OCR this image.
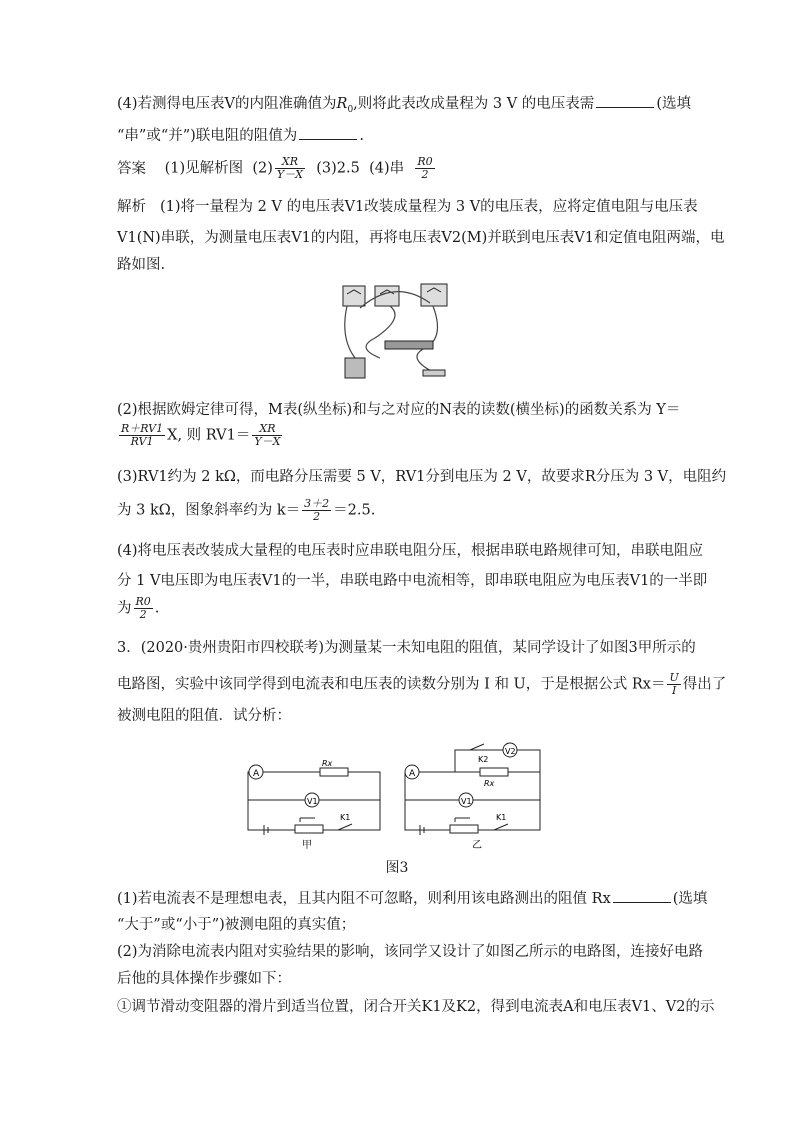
(4)若测得电压表V的内阻准确值为$R_0$,则将此表改成量程为 3 V 的电压表需	(选填
“串”或“并”)联电阻的阻值为	.
答案 (1)见解析图 $(2) \frac{XR}{Y-X} (3)2.5$ (4)串 $\frac{R0}{2}$
解析 (1)将一量程为 2 V 的电压表V1改装成量程为 3 V的电压表，应将定值电阻与电压表
V1(N)串联，为测量电压表V1的内阻，再将电压表V2(M)并联到电压表V1和定值电阻两端，电
路如图.
(2)根据欧姆定律可得，M表(纵坐标)和与之对应的N表的读数(横坐标)的函数关系为 Y＝
$\frac{R+RV1}{RV1} X$, 则 $RV1= \frac{XR}{Y-X}$
(3)RV1约为 2 kΩ，而电路分压需要 5 V，RV1分到电压为 2 V，故要求R分压为 3 V，电阻约
为 3 kΩ，图象斜率约为 $k= \frac{3+2}{2} =2.5$.
(4)将电压表改装成大量程的电压表时应串联电阻分压，根据串联电路规律可知，串联电阻应
分 1 V电压即为电压表V1的一半，串联电路中电流相等，即串联电阻应为电压表V1的一半即
为 $\frac{R0}{2}$ .
3．(2020·贵州贵阳市四校联考)为测量某一未知电阻的阻值，某同学设计了如图3甲所示的
电路图，实验中该同学得到电流表和电压表的读数分别为 I 和 U，于是根据公式 $Rx= \frac{U}{I}$ 得出了
被测电阻的阻值．试分析：
A
V1
Rx
K1
甲
A
V1
V2
K2
Rx
K1
乙
图3
(1)若电流表不是理想电表，且其内阻不可忽略，则利用该电路测出的阻值 Rx	(选填
“大于”或“小于”)被测电阻的真实值；
(2)为消除电流表内阻对实验结果的影响，该同学又设计了如图乙所示的电路图，连接好电路
后他的具体操作步骤如下：
①调节滑动变阻器的滑片到适当位置，闭合开关K1及K2，得到电流表A和电压表V1、V2的示
